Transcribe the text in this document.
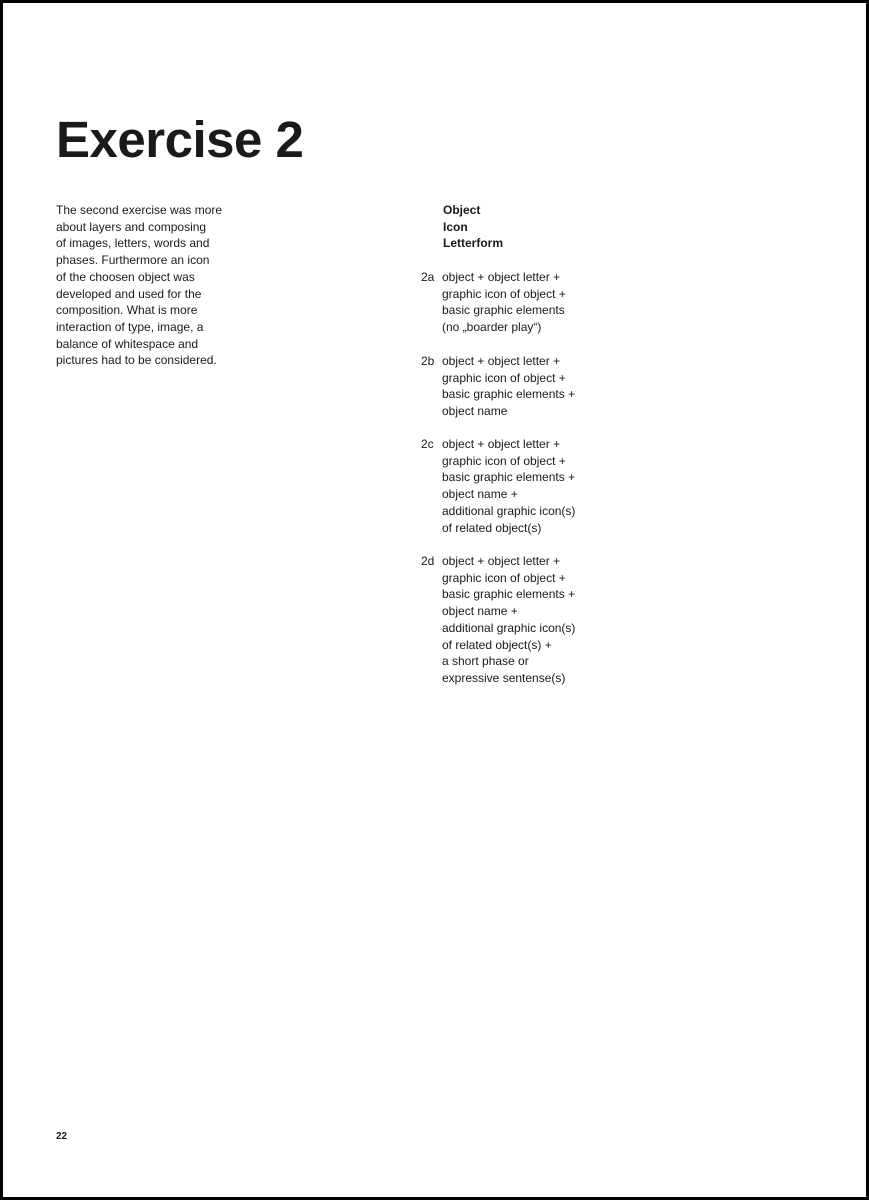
Exercise 2
The second exercise was more
about layers and composing
of images, letters, words and
phases. Furthermore an icon
of the choosen object was
developed and used for the
composition. What is more
interaction of type, image, a
balance of whitespace and
pictures had to be considered.
Object
Icon
Letterform
2a object + object letter +
graphic icon of object +
basic graphic elements
(no „boarder play“)
2b object + object letter +
graphic icon of object +
basic graphic elements +
object name
2c object + object letter +
graphic icon of object +
basic graphic elements +
object name +
additional graphic icon(s)
of related object(s)
2d object + object letter +
graphic icon of object +
basic graphic elements +
object name +
additional graphic icon(s)
of related object(s) +
a short phase or
expressive sentense(s)
22
